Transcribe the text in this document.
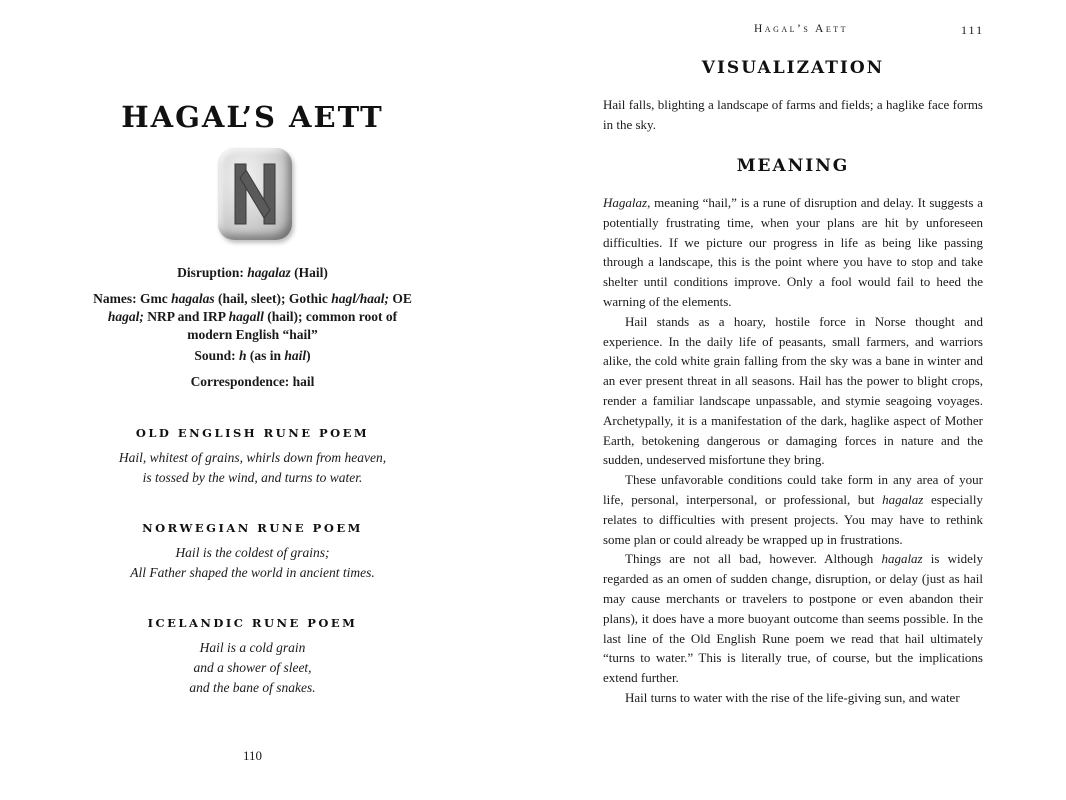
HAGAL’S AETT

Disruption: hagalaz (Hail)

Names: Gmc hagalas (hail, sleet); Gothic hagl/haal; OE hagal; NRP and IRP hagall (hail); common root of modern English “hail”

Sound: h (as in hail)

Correspondence: hail

OLD ENGLISH RUNE POEM

Hail, whitest of grains, whirls down from heaven,
is tossed by the wind, and turns to water.

NORWEGIAN RUNE POEM

Hail is the coldest of grains;
All Father shaped the world in ancient times.

ICELANDIC RUNE POEM

Hail is a cold grain
and a shower of sleet,
and the bane of snakes.

110
Hagal’s Aett	111
VISUALIZATION

Hail falls, blighting a landscape of farms and fields; a haglike face forms in the sky.

MEANING

Hagalaz, meaning “hail,” is a rune of disruption and delay. It suggests a potentially frustrating time, when your plans are hit by unforeseen difficulties. If we picture our progress in life as being like passing through a landscape, this is the point where you have to stop and take shelter until conditions improve. Only a fool would fail to heed the warning of the elements.

Hail stands as a hoary, hostile force in Norse thought and experience. In the daily life of peasants, small farmers, and warriors alike, the cold white grain falling from the sky was a bane in winter and an ever present threat in all seasons. Hail has the power to blight crops, render a familiar landscape unpassable, and stymie seagoing voyages. Archetypally, it is a manifestation of the dark, haglike aspect of Mother Earth, betokening dangerous or damaging forces in nature and the sudden, undeserved misfortune they bring.

These unfavorable conditions could take form in any area of your life, personal, interpersonal, or professional, but hagalaz especially relates to difficulties with present projects. You may have to rethink some plan or could already be wrapped up in frustrations.

Things are not all bad, however. Although hagalaz is widely regarded as an omen of sudden change, disruption, or delay (just as hail may cause merchants or travelers to postpone or even abandon their plans), it does have a more buoyant outcome than seems possible. In the last line of the Old English Rune poem we read that hail ultimately “turns to water.” This is literally true, of course, but the implications extend further.

Hail turns to water with the rise of the life-giving sun, and water
